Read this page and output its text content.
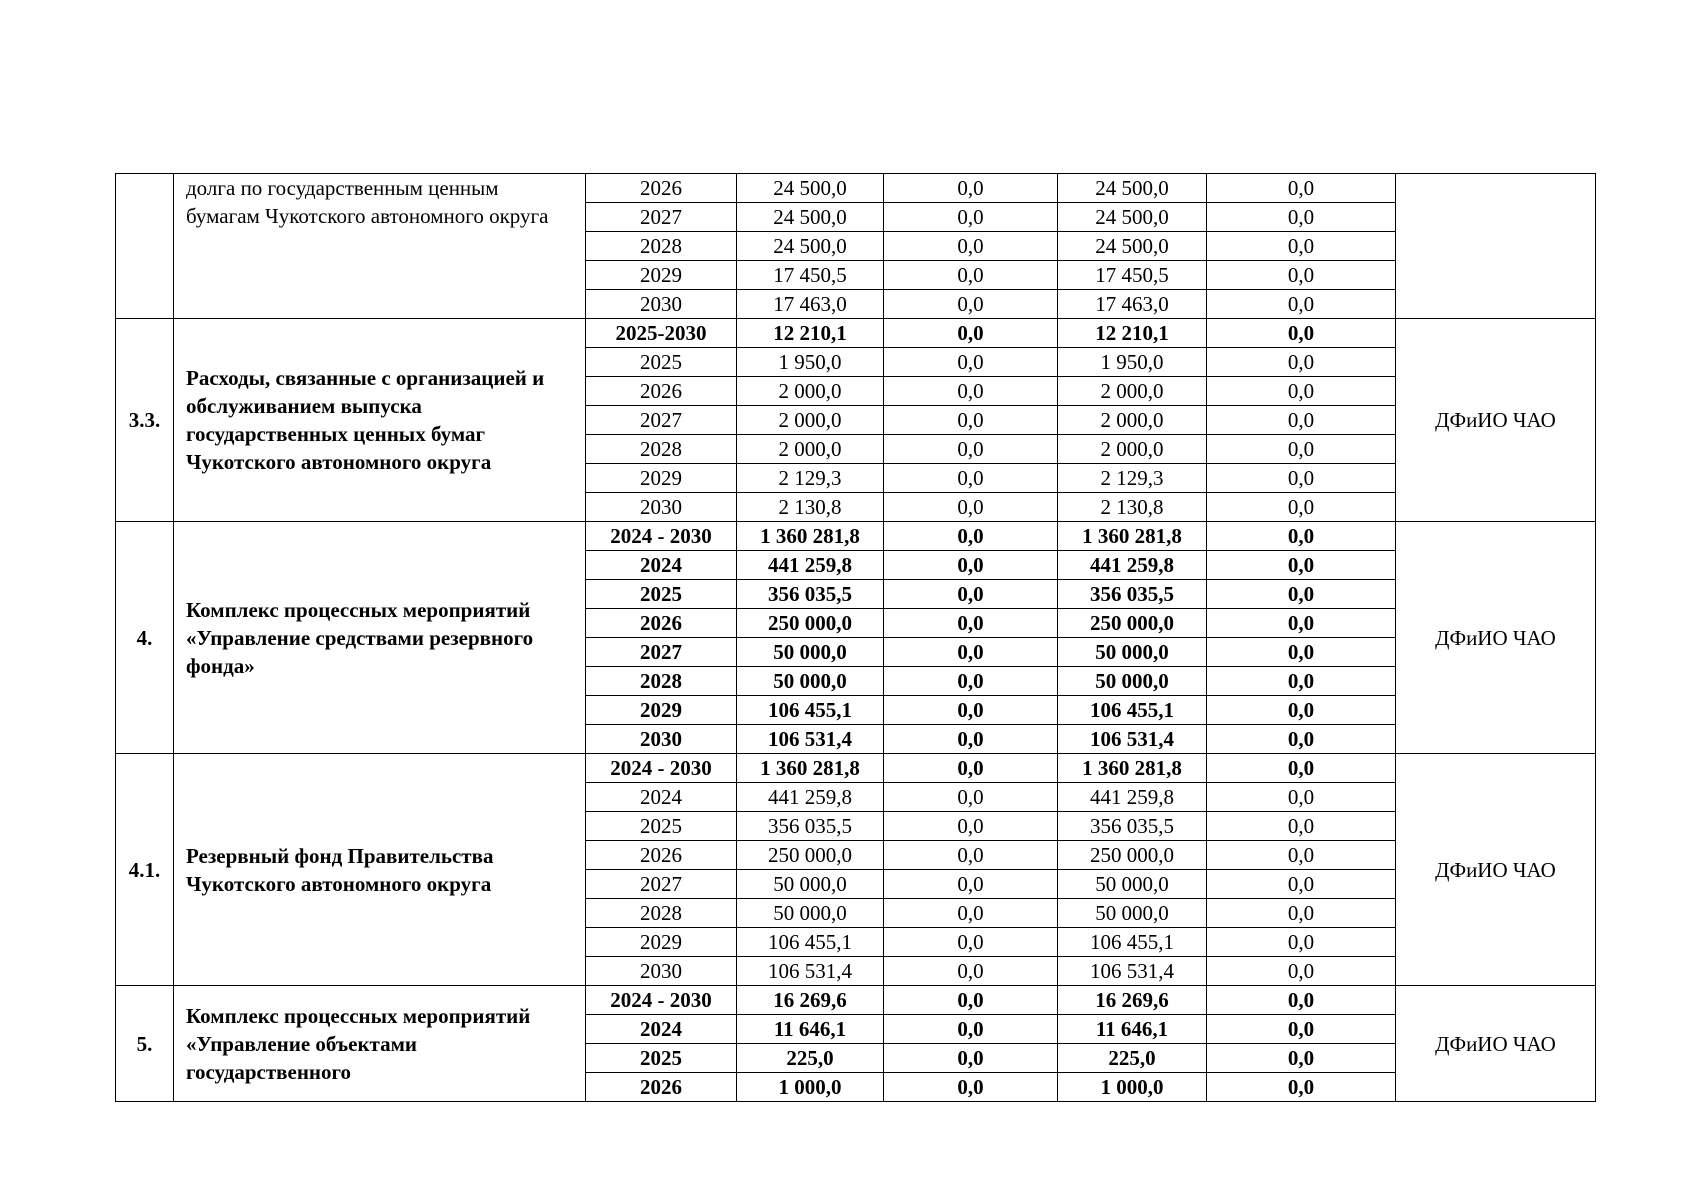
	долга по государственным ценным бумагам Чукотского автономного округа	2026	24 500,0	0,0	24 500,0	0,0	
		2027	24 500,0	0,0	24 500,0	0,0	
		2028	24 500,0	0,0	24 500,0	0,0	
		2029	17 450,5	0,0	17 450,5	0,0	
		2030	17 463,0	0,0	17 463,0	0,0	
3.3.	Расходы, связанные с организацией и обслуживанием выпуска государственных ценных бумаг Чукотского автономного округа	2025-2030	12 210,1	0,0	12 210,1	0,0	ДФиИО ЧАО
		2025	1 950,0	0,0	1 950,0	0,0	
		2026	2 000,0	0,0	2 000,0	0,0	
		2027	2 000,0	0,0	2 000,0	0,0	
		2028	2 000,0	0,0	2 000,0	0,0	
		2029	2 129,3	0,0	2 129,3	0,0	
		2030	2 130,8	0,0	2 130,8	0,0	
4.	Комплекс процессных мероприятий «Управление средствами резервного фонда»	2024 - 2030	1 360 281,8	0,0	1 360 281,8	0,0	ДФиИО ЧАО
		2024	441 259,8	0,0	441 259,8	0,0	
		2025	356 035,5	0,0	356 035,5	0,0	
		2026	250 000,0	0,0	250 000,0	0,0	
		2027	50 000,0	0,0	50 000,0	0,0	
		2028	50 000,0	0,0	50 000,0	0,0	
		2029	106 455,1	0,0	106 455,1	0,0	
		2030	106 531,4	0,0	106 531,4	0,0	
4.1.	Резервный фонд Правительства Чукотского автономного округа	2024 - 2030	1 360 281,8	0,0	1 360 281,8	0,0	ДФиИО ЧАО
		2024	441 259,8	0,0	441 259,8	0,0	
		2025	356 035,5	0,0	356 035,5	0,0	
		2026	250 000,0	0,0	250 000,0	0,0	
		2027	50 000,0	0,0	50 000,0	0,0	
		2028	50 000,0	0,0	50 000,0	0,0	
		2029	106 455,1	0,0	106 455,1	0,0	
		2030	106 531,4	0,0	106 531,4	0,0	
5.	Комплекс процессных мероприятий «Управление объектами государственного	2024 - 2030	16 269,6	0,0	16 269,6	0,0	ДФиИО ЧАО
		2024	11 646,1	0,0	11 646,1	0,0	
		2025	225,0	0,0	225,0	0,0	
		2026	1 000,0	0,0	1 000,0	0,0	
